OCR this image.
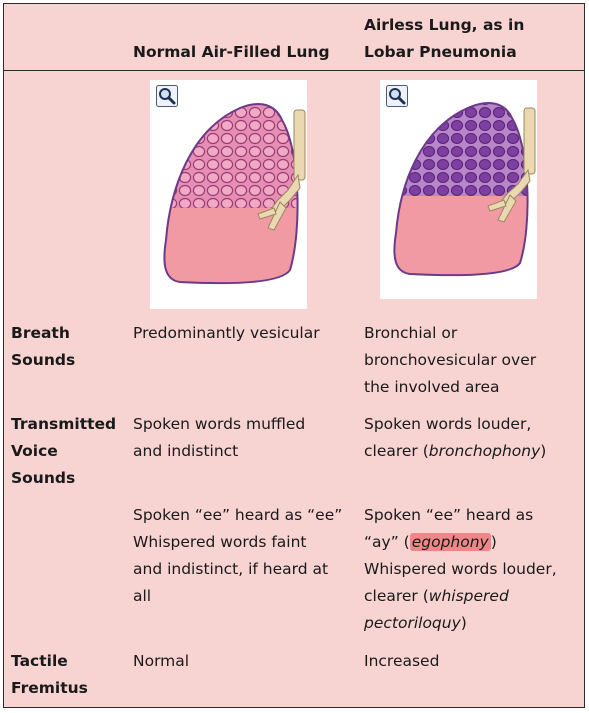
Airless Lung, as in
Lobar Pneumonia
Normal Air-Filled Lung
Breath
Sounds
Predominantly vesicular	Bronchial or
bronchovesicular over
the involved area
Transmitted
Voice
Sounds
Spoken words muffled
and indistinct
Spoken words louder,
clearer (bronchophony)
Spoken “ee” heard as “ee”
Whispered words faint
and indistinct, if heard at
all
Spoken “ee” heard as
“ay” ( egophony )
Whispered words louder,
clearer (whispered
pectoriloquy)
Tactile
Fremitus
Normal	Increased
